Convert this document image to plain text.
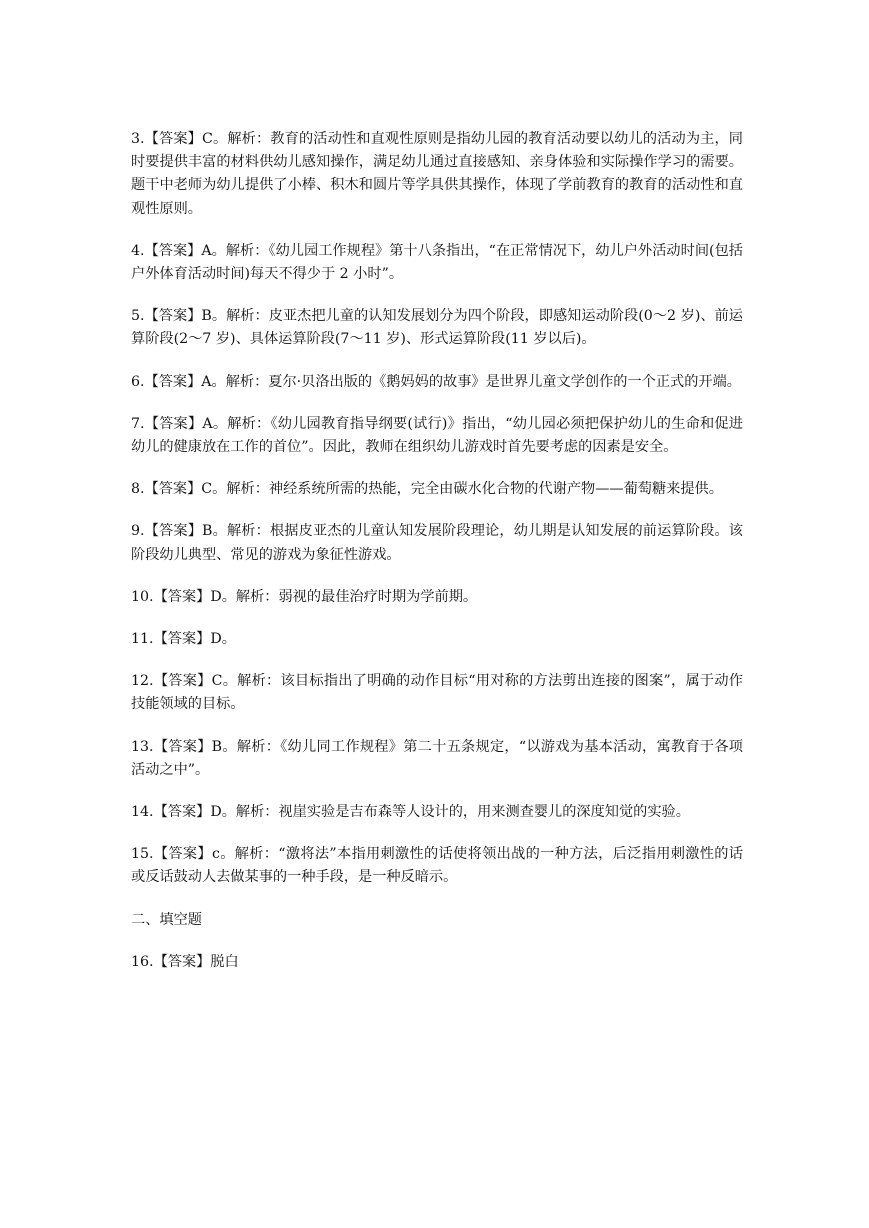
3.【答案】C。解析：教育的活动性和直观性原则是指幼儿园的教育活动要以幼儿的活动为主，同时要提供丰富的材料供幼儿感知操作，满足幼儿通过直接感知、亲身体验和实际操作学习的需要。题干中老师为幼儿提供了小棒、积木和圆片等学具供其操作，体现了学前教育的教育的活动性和直观性原则。

4.【答案】A。解析：《幼儿园工作规程》第十八条指出，“在正常情况下，幼儿户外活动时间(包括户外体育活动时间)每天不得少于 2 小时”。

5.【答案】B。解析：皮亚杰把儿童的认知发展划分为四个阶段，即感知运动阶段(0～2 岁)、前运算阶段(2～7 岁)、具体运算阶段(7～11 岁)、形式运算阶段(11 岁以后)。

6.【答案】A。解析：夏尔·贝洛出版的《鹅妈妈的故事》是世界儿童文学创作的一个正式的开端。

7.【答案】A。解析：《幼儿园教育指导纲要(试行)》指出，“幼儿园必须把保护幼儿的生命和促进幼儿的健康放在工作的首位”。因此，教师在组织幼儿游戏时首先要考虑的因素是安全。

8.【答案】C。解析：神经系统所需的热能，完全由碳水化合物的代谢产物——葡萄糖来提供。

9.【答案】B。解析：根据皮亚杰的儿童认知发展阶段理论，幼儿期是认知发展的前运算阶段。该阶段幼儿典型、常见的游戏为象征性游戏。

10.【答案】D。解析：弱视的最佳治疗时期为学前期。

11.【答案】D。

12.【答案】C。解析：该目标指出了明确的动作目标“用对称的方法剪出连接的图案”，属于动作技能领域的目标。

13.【答案】B。解析：《幼儿同工作规程》第二十五条规定，“以游戏为基本活动，寓教育于各项活动之中”。

14.【答案】D。解析：视崖实验是吉布森等人设计的，用来测查婴儿的深度知觉的实验。

15.【答案】c。解析：“激将法”本指用刺激性的话使将领出战的一种方法，后泛指用刺激性的话或反话鼓动人去做某事的一种手段，是一种反暗示。

二、填空题

16.【答案】脱白
